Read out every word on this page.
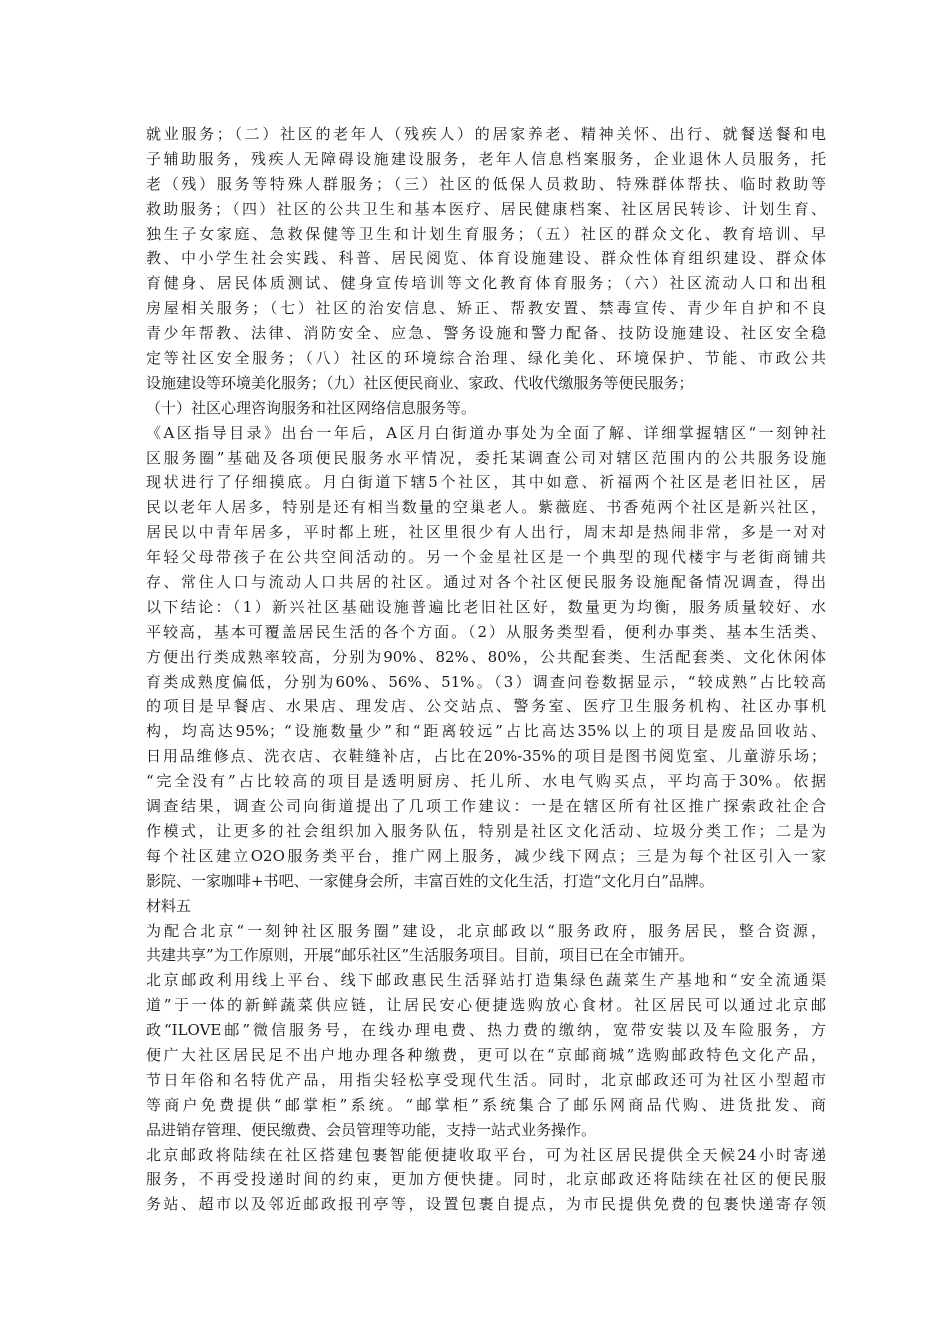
就业服务；（二）社区的老年人（残疾人）的居家养老、精神关怀、出行、就餐送餐和电
子辅助服务，残疾人无障碍设施建设服务，老年人信息档案服务，企业退休人员服务，托
老（残）服务等特殊人群服务；（三）社区的低保人员救助、特殊群体帮扶、临时救助等
救助服务；（四）社区的公共卫生和基本医疗、居民健康档案、社区居民转诊、计划生育、
独生子女家庭、急救保健等卫生和计划生育服务；（五）社区的群众文化、教育培训、早
教、中小学生社会实践、科普、居民阅览、体育设施建设、群众性体育组织建设、群众体
育健身、居民体质测试、健身宣传培训等文化教育体育服务；（六）社区流动人口和出租
房屋相关服务；（七）社区的治安信息、矫正、帮教安置、禁毒宣传、青少年自护和不良
青少年帮教、法律、消防安全、应急、警务设施和警力配备、技防设施建设、社区安全稳
定等社区安全服务；（八）社区的环境综合治理、绿化美化、环境保护、节能、市政公共
设施建设等环境美化服务；（九）社区便民商业、家政、代收代缴服务等便民服务；
（十）社区心理咨询服务和社区网络信息服务等。
《A区指导目录》出台一年后，A区月白街道办事处为全面了解、详细掌握辖区“一刻钟社
区服务圈”基础及各项便民服务水平情况，委托某调查公司对辖区范围内的公共服务设施
现状进行了仔细摸底。月白街道下辖5个社区，其中如意、祈福两个社区是老旧社区，居
民以老年人居多，特别是还有相当数量的空巢老人。紫薇庭、书香苑两个社区是新兴社区，
居民以中青年居多，平时都上班，社区里很少有人出行，周末却是热闹非常，多是一对对
年轻父母带孩子在公共空间活动的。另一个金星社区是一个典型的现代楼宇与老街商铺共
存、常住人口与流动人口共居的社区。通过对各个社区便民服务设施配备情况调查，得出
以下结论：（1）新兴社区基础设施普遍比老旧社区好，数量更为均衡，服务质量较好、水
平较高，基本可覆盖居民生活的各个方面。（2）从服务类型看，便利办事类、基本生活类、
方便出行类成熟率较高，分别为90%、82%、80%，公共配套类、生活配套类、文化休闲体
育类成熟度偏低，分别为60%、56%、51%。（3）调查问卷数据显示，“较成熟”占比较高
的项目是早餐店、水果店、理发店、公交站点、警务室、医疗卫生服务机构、社区办事机
构，均高达95%；“设施数量少”和“距离较远”占比高达35%以上的项目是废品回收站、
日用品维修点、洗衣店、衣鞋缝补店，占比在20%-35%的项目是图书阅览室、儿童游乐场；
“完全没有”占比较高的项目是透明厨房、托儿所、水电气购买点，平均高于30%。依据
调查结果，调查公司向街道提出了几项工作建议：一是在辖区所有社区推广探索政社企合
作模式，让更多的社会组织加入服务队伍，特别是社区文化活动、垃圾分类工作；二是为
每个社区建立O2O服务类平台，推广网上服务，减少线下网点；三是为每个社区引入一家
影院、一家咖啡+书吧、一家健身会所，丰富百姓的文化生活，打造“文化月白”品牌。
材料五
为配合北京“一刻钟社区服务圈”建设，北京邮政以“服务政府，服务居民，整合资源，
共建共享”为工作原则，开展“邮乐社区”生活服务项目。目前，项目已在全市铺开。
北京邮政利用线上平台、线下邮政惠民生活驿站打造集绿色蔬菜生产基地和“安全流通渠
道”于一体的新鲜蔬菜供应链，让居民安心便捷选购放心食材。社区居民可以通过北京邮
政“ILOVE邮”微信服务号，在线办理电费、热力费的缴纳，宽带安装以及车险服务，方
便广大社区居民足不出户地办理各种缴费，更可以在“京邮商城”选购邮政特色文化产品，
节日年俗和名特优产品，用指尖轻松享受现代生活。同时，北京邮政还可为社区小型超市
等商户免费提供“邮掌柜”系统。“邮掌柜”系统集合了邮乐网商品代购、进货批发、商
品进销存管理、便民缴费、会员管理等功能，支持一站式业务操作。
北京邮政将陆续在社区搭建包裹智能便捷收取平台，可为社区居民提供全天候24小时寄递
服务，不再受投递时间的约束，更加方便快捷。同时，北京邮政还将陆续在社区的便民服
务站、超市以及邻近邮政报刊亭等，设置包裹自提点，为市民提供免费的包裹快递寄存领
